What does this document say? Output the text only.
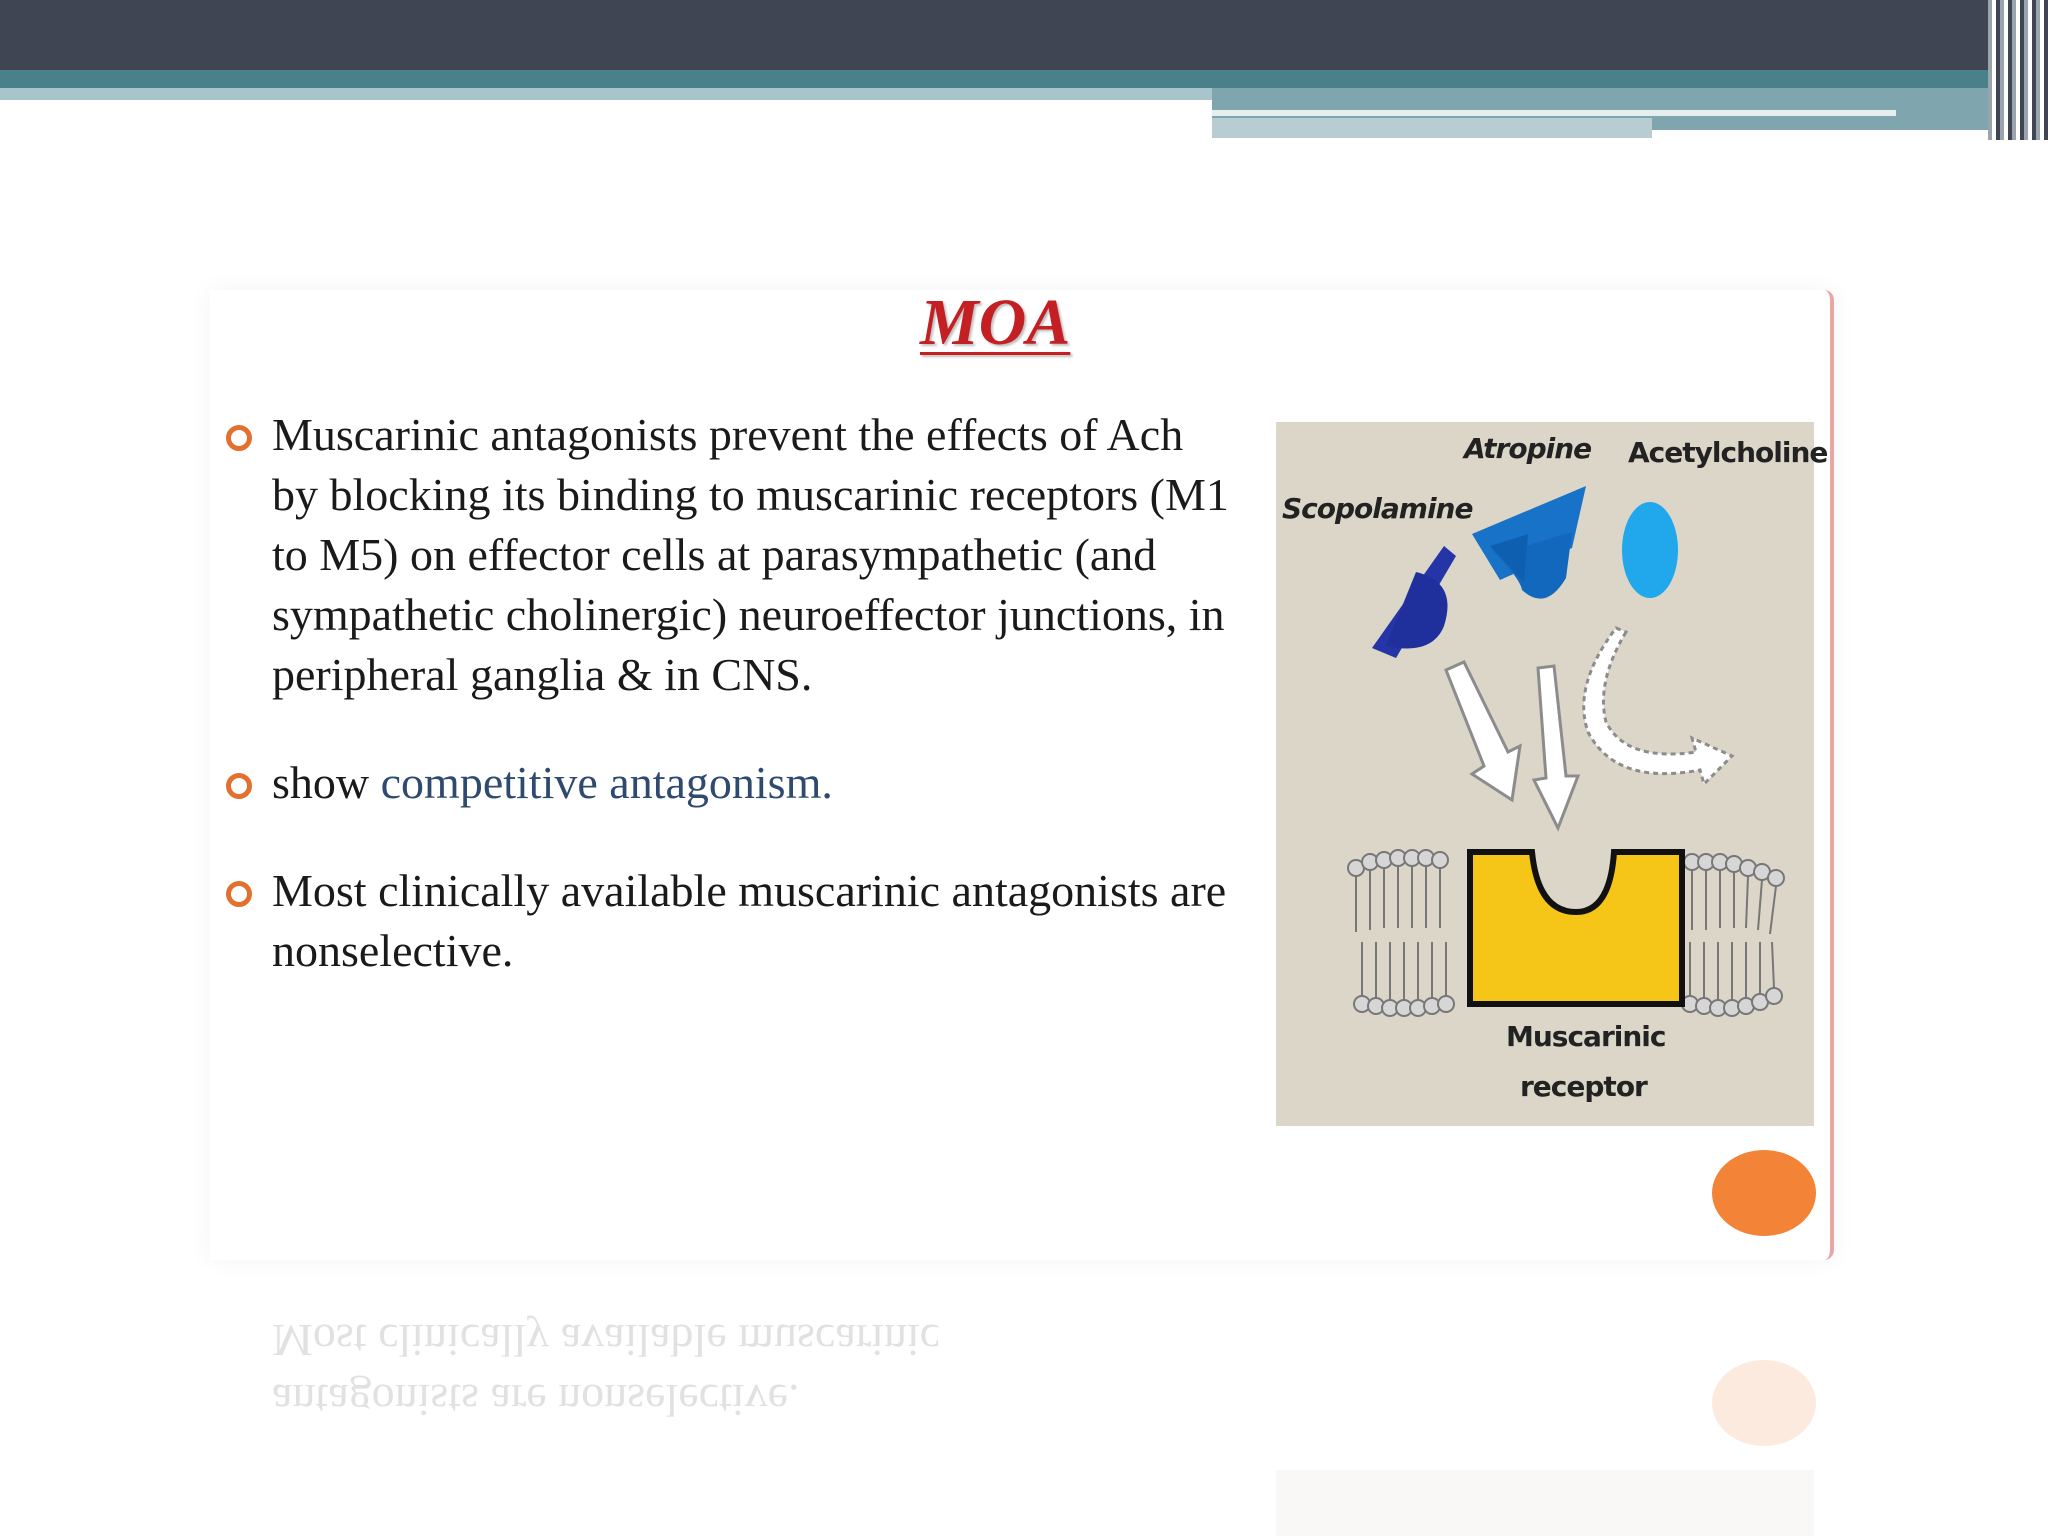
MOA
Muscarinic antagonists prevent the effects of Ach by blocking its binding to muscarinic receptors (M1 to M5) on effector cells at parasympathetic (and sympathetic cholinergic) neuroeffector junctions, in peripheral ganglia & in CNS.
show competitive antagonism.
Most clinically available muscarinic antagonists are nonselective.
Atropine Acetylcholine
Scopolamine
Muscarinic
receptor
antagonists are nonselective.
Most clinically available muscarinic
